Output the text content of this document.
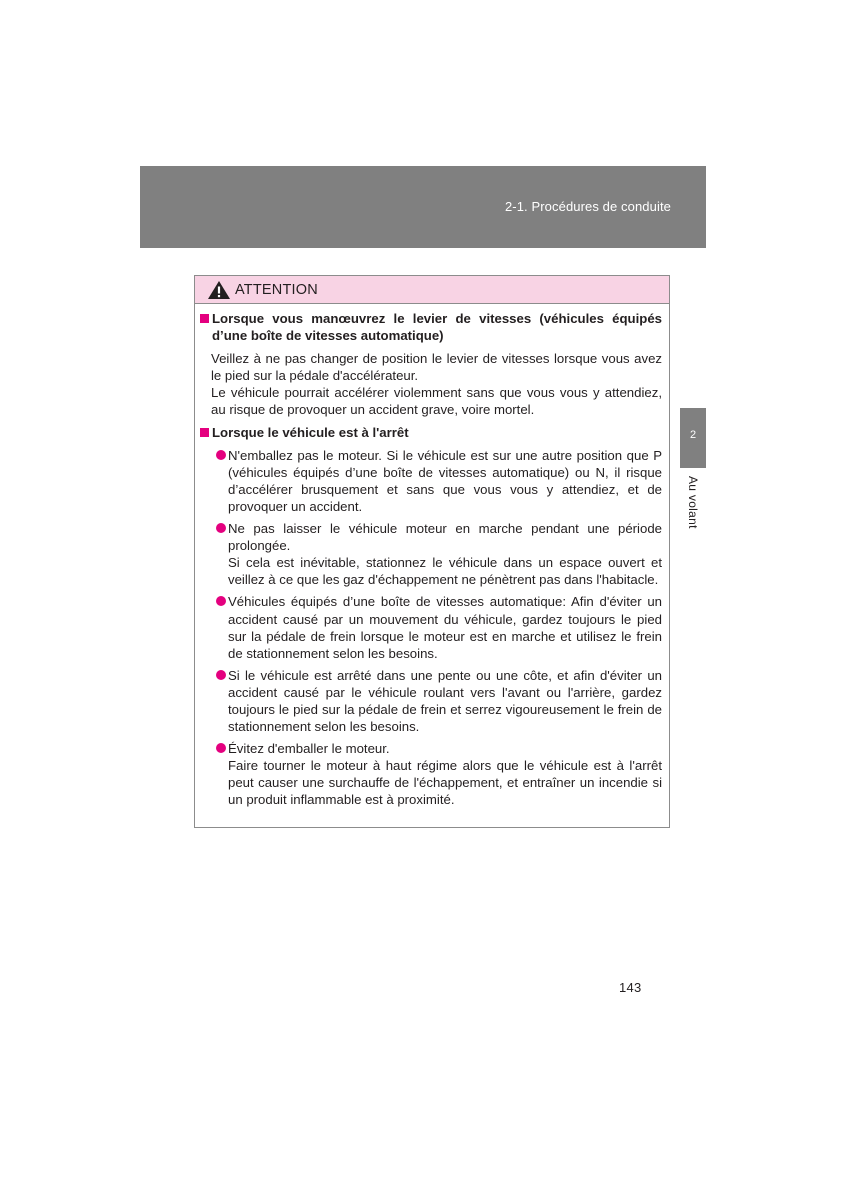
2-1. Procédures de conduite
2
Au volant
ATTENTION
Lorsque vous manœuvrez le levier de vitesses (véhicules équipés d’une boîte de vitesses automatique)

Veillez à ne pas changer de position le levier de vitesses lorsque vous avez le pied sur la pédale d'accélérateur.

Le véhicule pourrait accélérer violemment sans que vous vous y attendiez, au risque de provoquer un accident grave, voire mortel.

Lorsque le véhicule est à l'arrêt

N'emballez pas le moteur. Si le véhicule est sur une autre position que P (véhicules équipés d’une boîte de vitesses automatique) ou N, il risque d’accélérer brusquement et sans que vous vous y attendiez, et de provoquer un accident.

Ne pas laisser le véhicule moteur en marche pendant une période prolongée.

Si cela est inévitable, stationnez le véhicule dans un espace ouvert et veillez à ce que les gaz d'échappement ne pénètrent pas dans l'habitacle.

Véhicules équipés d’une boîte de vitesses automatique: Afin d'éviter un accident causé par un mouvement du véhicule, gardez toujours le pied sur la pédale de frein lorsque le moteur est en marche et utilisez le frein de stationnement selon les besoins.

Si le véhicule est arrêté dans une pente ou une côte, et afin d'éviter un accident causé par le véhicule roulant vers l'avant ou l'arrière, gardez toujours le pied sur la pédale de frein et serrez vigoureusement le frein de stationnement selon les besoins.

Évitez d'emballer le moteur.

Faire tourner le moteur à haut régime alors que le véhicule est à l'arrêt peut causer une surchauffe de l'échappement, et entraîner un incendie si un produit inflammable est à proximité.

143
